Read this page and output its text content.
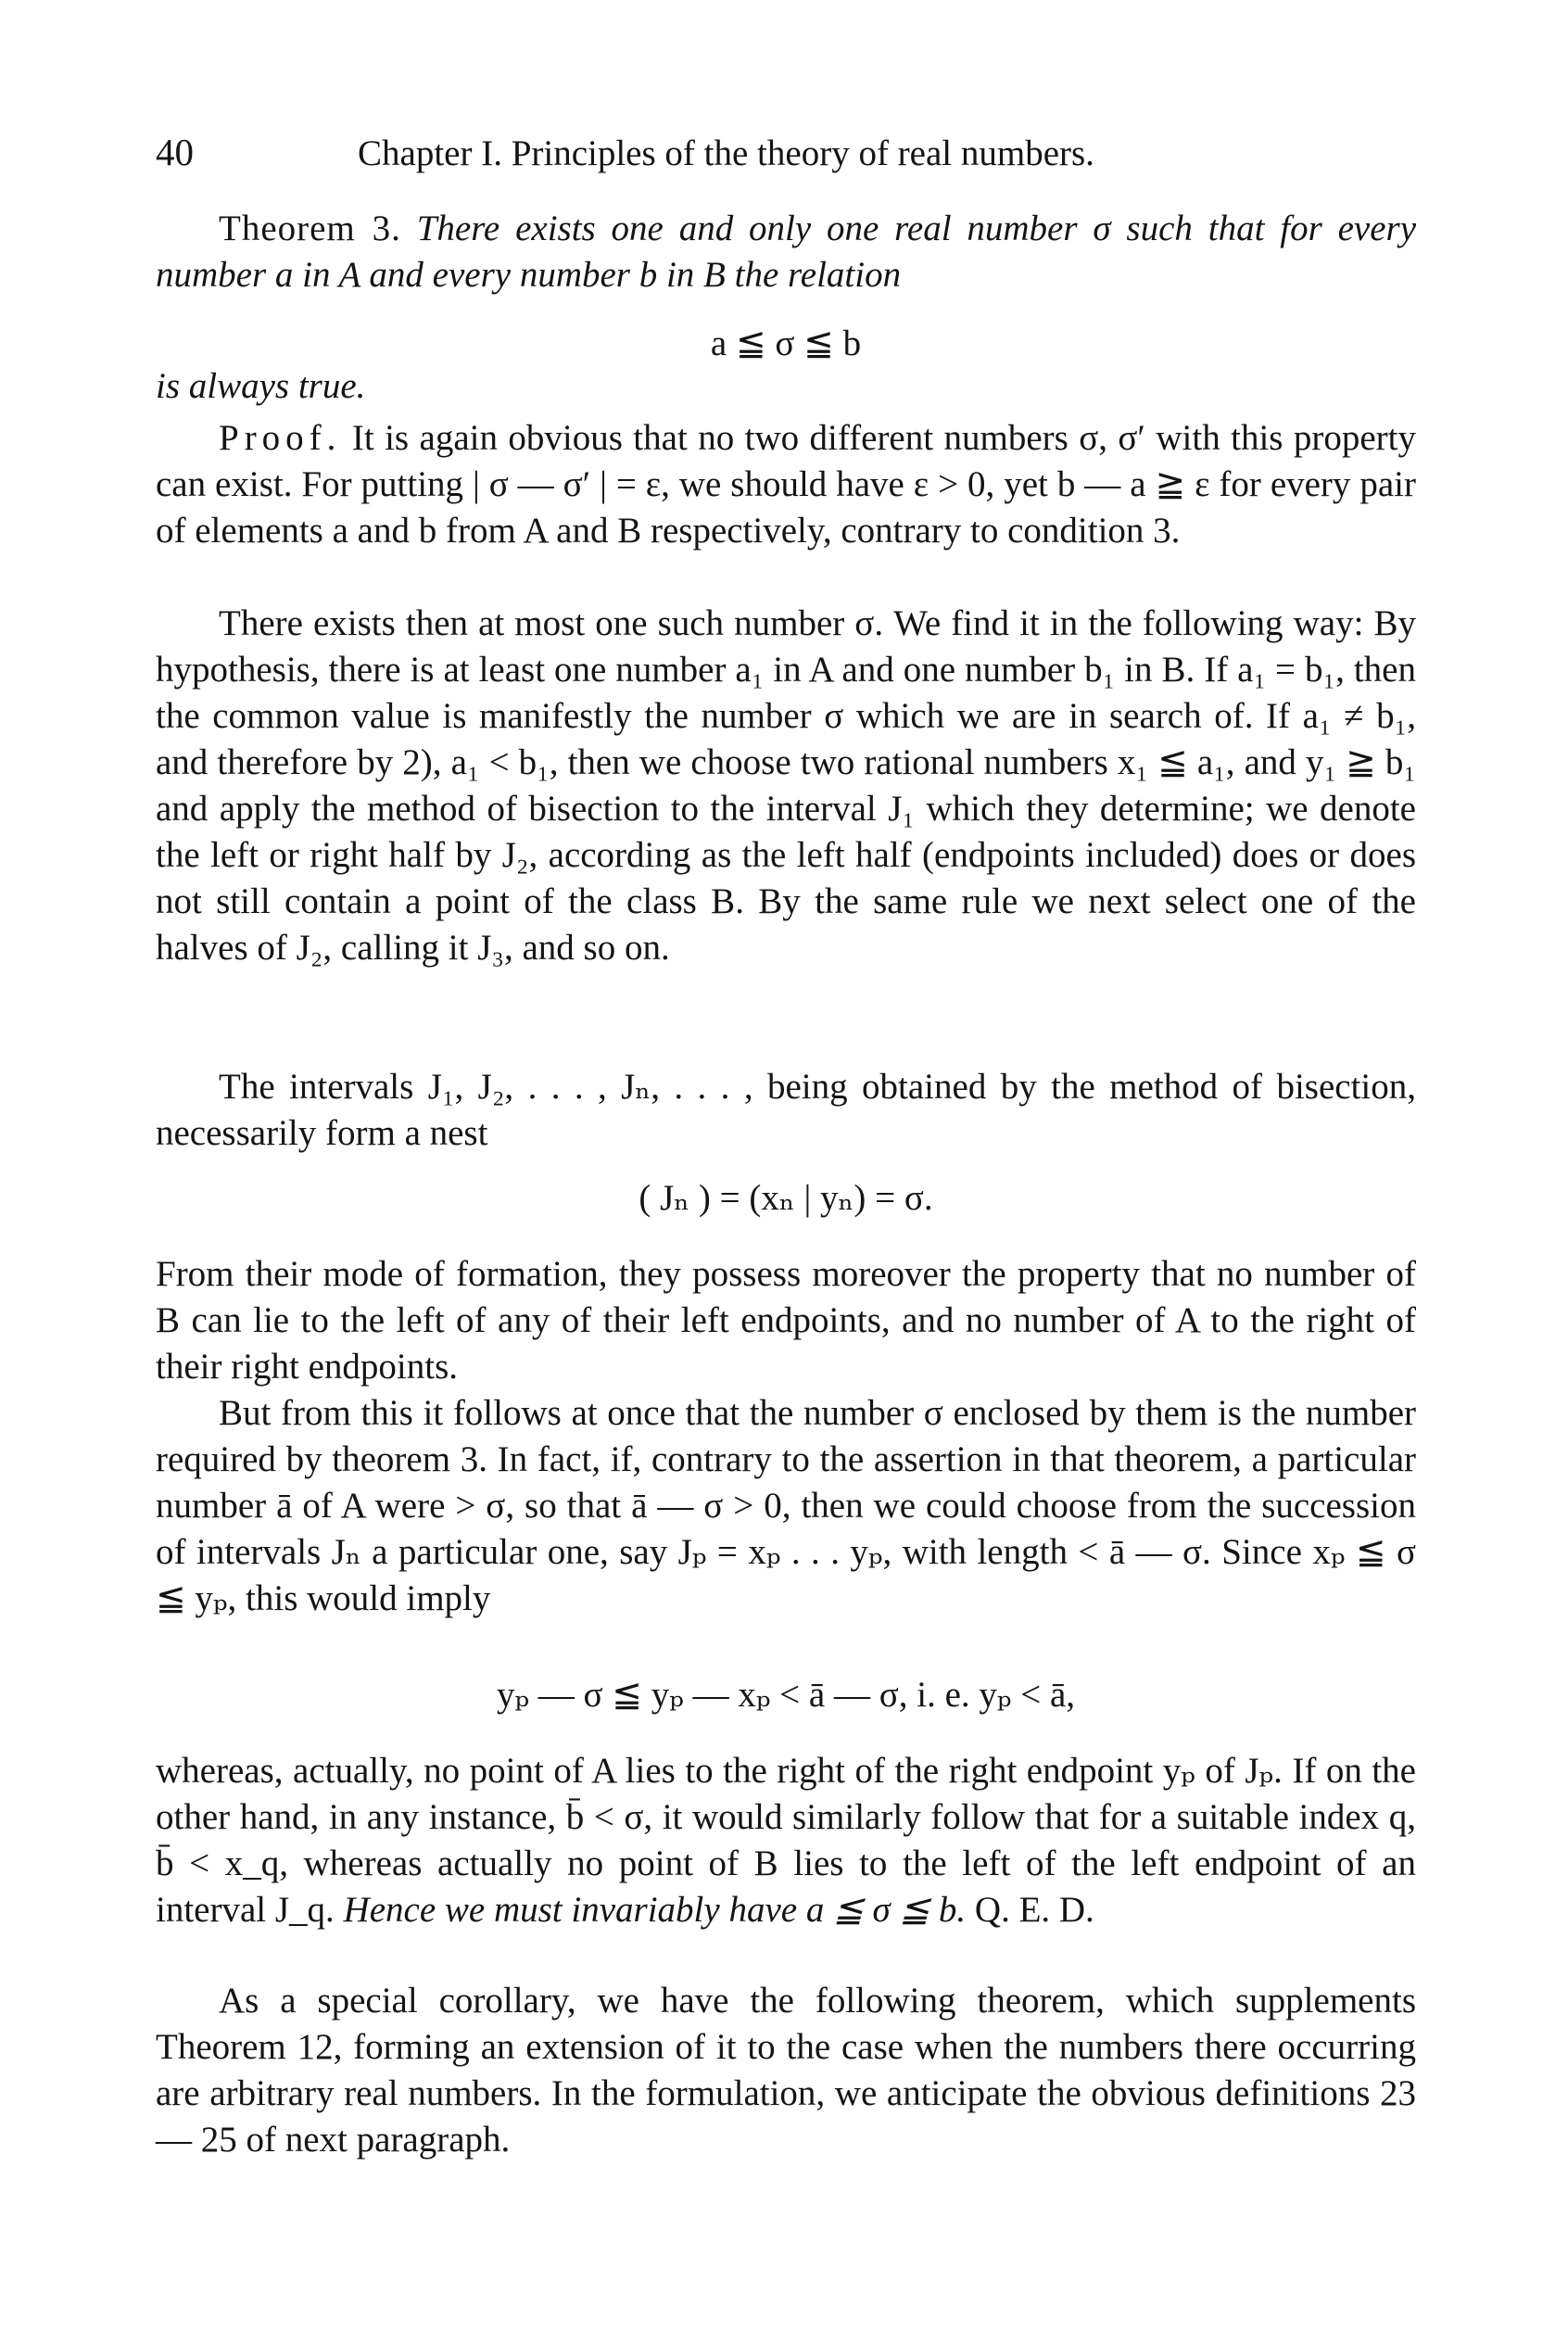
40	Chapter I. Principles of the theory of real numbers.

Theorem 3. There exists one and only one real number σ such that for every number a in A and every number b in B the relation

a ≦ σ ≦ b

is always true.

Proof. It is again obvious that no two different numbers σ, σ′ with this property can exist. For putting | σ — σ′ | = ε, we should have ε > 0, yet b — a ≧ ε for every pair of elements a and b from A and B respectively, contrary to condition 3.

There exists then at most one such number σ. We find it in the following way: By hypothesis, there is at least one number a₁ in A and one number b₁ in B. If a₁ = b₁, then the common value is manifestly the number σ which we are in search of. If a₁ ≠ b₁, and therefore by 2), a₁ < b₁, then we choose two rational numbers x₁ ≦ a₁, and y₁ ≧ b₁ and apply the method of bisection to the interval J₁ which they determine; we denote the left or right half by J₂, according as the left half (endpoints included) does or does not still contain a point of the class B. By the same rule we next select one of the halves of J₂, calling it J₃, and so on.

The intervals J₁, J₂, . . . , Jₙ, . . . , being obtained by the method of bisection, necessarily form a nest

( Jₙ ) = (xₙ | yₙ) = σ.

From their mode of formation, they possess moreover the property that no number of B can lie to the left of any of their left endpoints, and no number of A to the right of their right endpoints.

But from this it follows at once that the number σ enclosed by them is the number required by theorem 3. In fact, if, contrary to the assertion in that theorem, a particular number ā of A were > σ, so that ā — σ > 0, then we could choose from the succession of intervals Jₙ a particular one, say Jₚ = xₚ . . . yₚ, with length < ā — σ. Since xₚ ≦ σ ≦ yₚ, this would imply

yₚ — σ ≦ yₚ — xₚ < ā — σ, i. e. yₚ < ā,

whereas, actually, no point of A lies to the right of the right endpoint yₚ of Jₚ. If on the other hand, in any instance, b̄ < σ, it would similarly follow that for a suitable index q, b̄ < x_q, whereas actually no point of B lies to the left of the left endpoint of an interval J_q. Hence we must invariably have a ≦ σ ≦ b. Q. E. D.

As a special corollary, we have the following theorem, which supplements Theorem 12, forming an extension of it to the case when the numbers there occurring are arbitrary real numbers. In the formulation, we anticipate the obvious definitions 23 — 25 of next paragraph.
